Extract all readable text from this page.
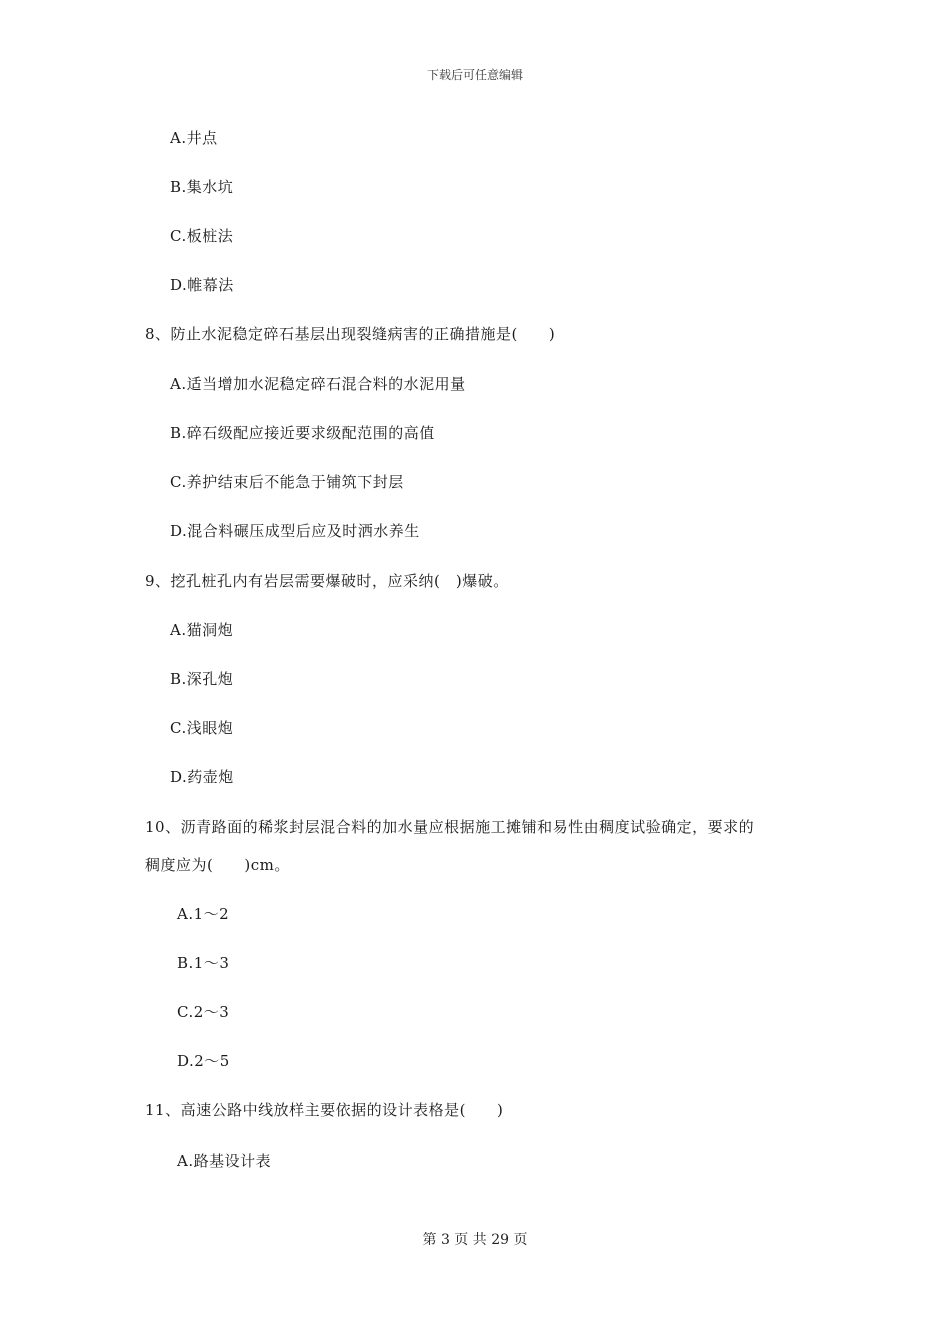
下载后可任意编辑
A.井点
B.集水坑
C.板桩法
D.帷幕法
8、防止水泥稳定碎石基层出现裂缝病害的正确措施是(　　)
A.适当增加水泥稳定碎石混合料的水泥用量
B.碎石级配应接近要求级配范围的高值
C.养护结束后不能急于铺筑下封层
D.混合料碾压成型后应及时洒水养生
9、挖孔桩孔内有岩层需要爆破时，应采纳(　)爆破。
A.猫洞炮
B.深孔炮
C.浅眼炮
D.药壶炮
10、沥青路面的稀浆封层混合料的加水量应根据施工摊铺和易性由稠度试验确定，要求的
稠度应为(　　)cm。
A.1～2
B.1～3
C.2～3
D.2～5
11、高速公路中线放样主要依据的设计表格是(　　)
A.路基设计表
第 3 页 共 29 页
